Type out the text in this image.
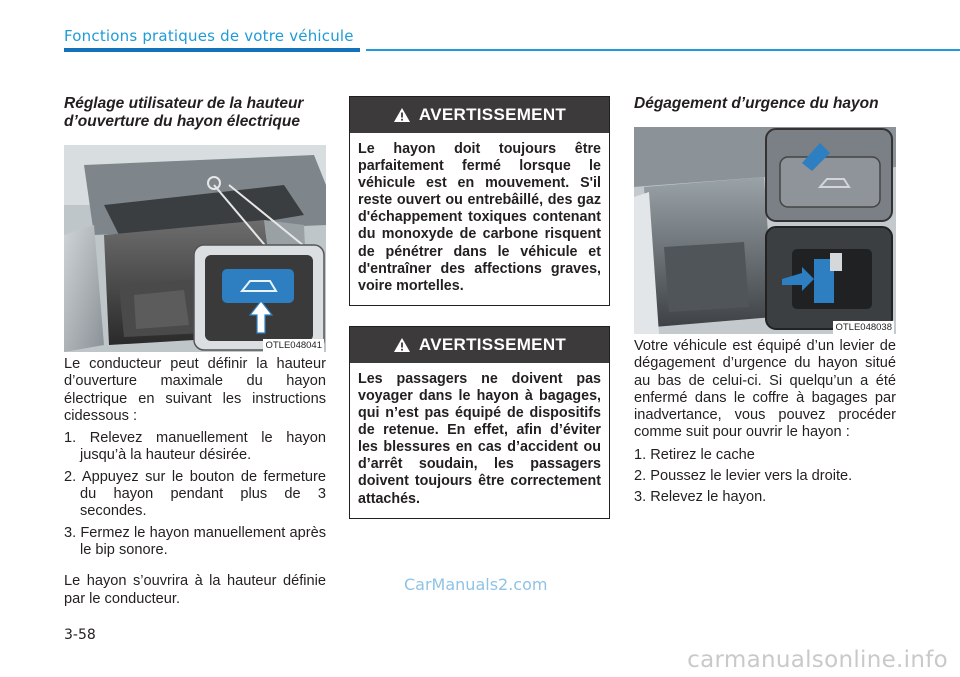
Fonctions pratiques de votre véhicule
Réglage utilisateur de la hauteur d’ouverture du hayon électrique
OTLE048041

Le conducteur peut définir la hauteur d’ouverture maximale du hayon électrique en suivant les instructions cidessous :

1. Relevez manuellement le hayon jusqu’à la hauteur désirée.
2. Appuyez sur le bouton de fermeture du hayon pendant plus de 3 secondes.
3. Fermez le hayon manuellement après le bip sonore.

Le hayon s’ouvrira à la hauteur définie par le conducteur.

AVERTISSEMENT
Le hayon doit toujours être parfaitement fermé lorsque le véhicule est en mouvement. S'il reste ouvert ou entrebâillé, des gaz d'échappement toxiques contenant du monoxyde de carbone risquent de pénétrer dans le véhicule et d'entraîner des affections graves, voire mortelles.
AVERTISSEMENT
Les passagers ne doivent pas voyager dans le hayon à bagages, qui n’est pas équipé de dispositifs de retenue. En effet, afin d’éviter les blessures en cas d’accident ou d’arrêt soudain, les passagers doivent toujours être correctement attachés.
Dégagement d’urgence du hayon
OTLE048038

Votre véhicule est équipé d’un levier de dégagement d’urgence du hayon situé au bas de celui-ci. Si quelqu’un a été enfermé dans le coffre à bagages par inadvertance, vous pouvez procéder comme suit pour ouvrir le hayon :

1. Retirez le cache
2. Poussez le levier vers la droite.
3. Relevez le hayon.
CarManuals2.com
3-58
carmanualsonline.info
